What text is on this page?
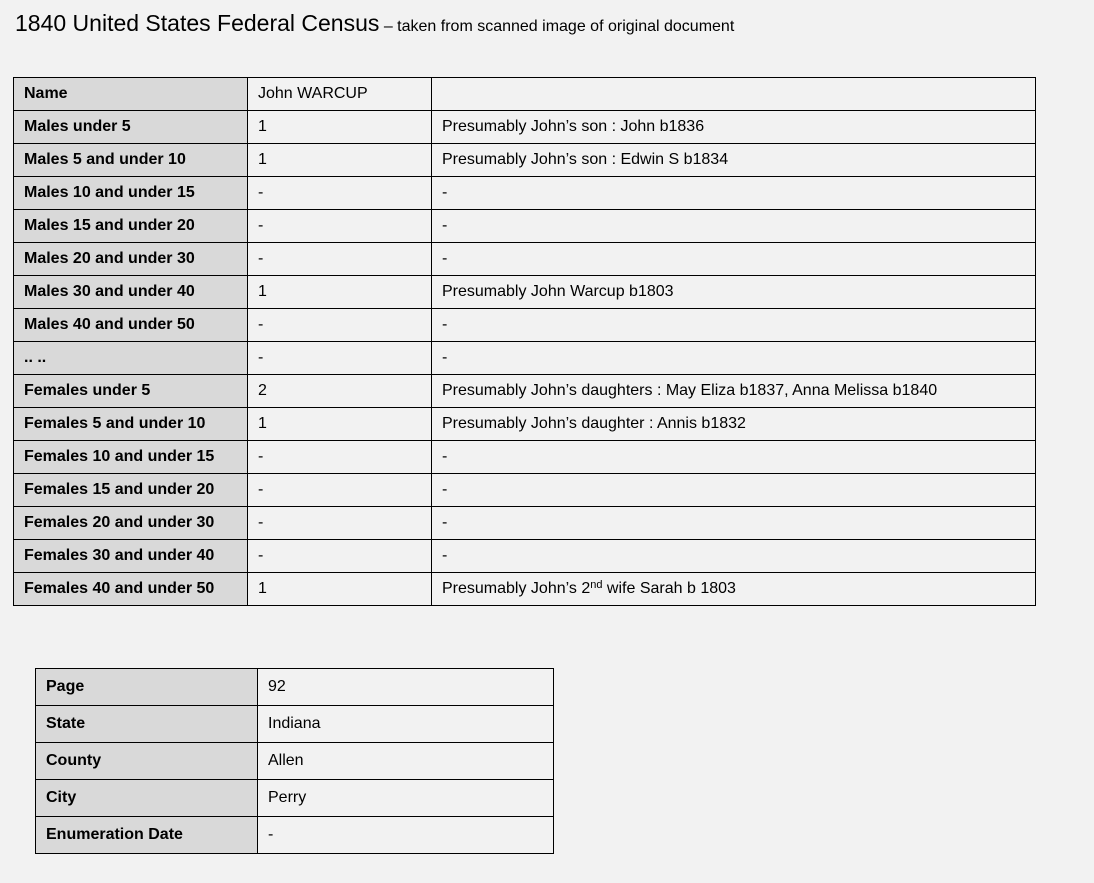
1840 United States Federal Census – taken from scanned image of original document
Name	John WARCUP	
Males under 5	1	Presumably John’s son : John b1836
Males 5 and under 10	1	Presumably John’s son : Edwin S b1834
Males 10 and under 15	-	-
Males 15 and under 20	-	-
Males 20 and under 30	-	-
Males 30 and under 40	1	Presumably John Warcup b1803
Males 40 and under 50	-	-
.. ..	-	-
Females under 5	2	Presumably John’s daughters : May Eliza b1837, Anna Melissa b1840
Females 5 and under 10	1	Presumably John’s daughter : Annis b1832
Females 10 and under 15	-	-
Females 15 and under 20	-	-
Females 20 and under 30	-	-
Females 30 and under 40	-	-
Females 40 and under 50	1	Presumably John’s 2nd wife Sarah b 1803
Page	92
State	Indiana
County	Allen
City	Perry
Enumeration Date	-
